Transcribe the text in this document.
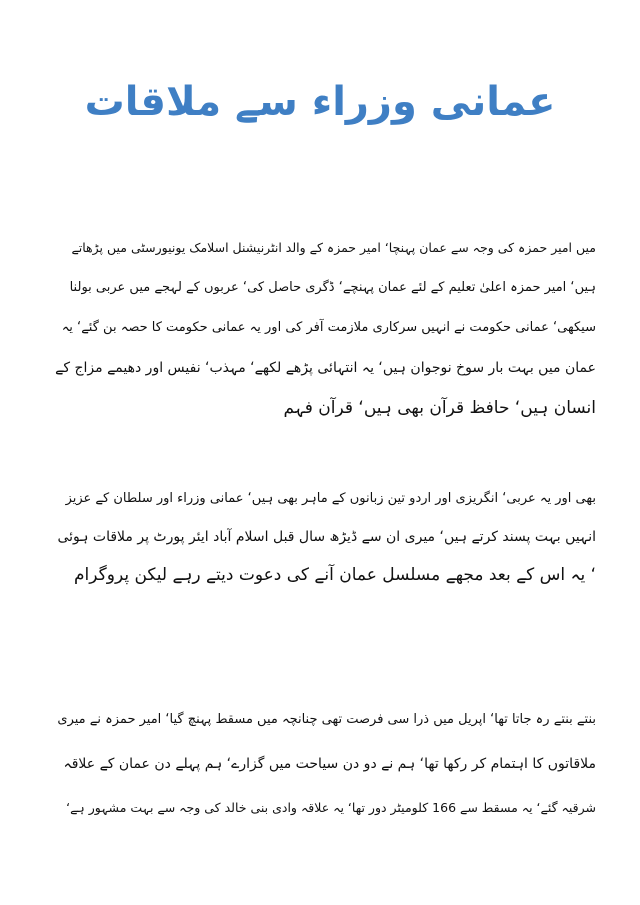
عمانی وزراء سے ملاقات
میں امیر حمزہ کی وجہ سے عمان پہنچا‘ امیر حمزہ کے والد انٹرنیشنل اسلامک یونیورسٹی میں پڑھاتے
ہیں‘ امیر حمزہ اعلیٰ تعلیم کے لئے عمان پہنچے‘ ڈگری حاصل کی‘ عربوں کے لہجے میں عربی بولنا
سیکھی‘ عمانی حکومت نے انہیں سرکاری ملازمت آفر کی اور یہ عمانی حکومت کا حصہ بن گئے‘ یہ
عمان میں بہت بار سوخ نوجوان ہیں‘ یہ انتہائی پڑھے لکھے‘ مہذب‘ نفیس اور دھیمے مزاج کے
انسان ہیں‘ حافظ قرآن بھی ہیں‘ قرآن فہم
بھی اور یہ عربی‘ انگریزی اور اردو تین زبانوں کے ماہر بھی ہیں‘ عمانی وزراء اور سلطان کے عزیز
انہیں بہت پسند کرتے ہیں‘ میری ان سے ڈیڑھ سال قبل اسلام آباد ایئر پورٹ پر ملاقات ہوئی
‘ یہ اس کے بعد مجھے مسلسل عمان آنے کی دعوت دیتے رہے لیکن پروگرام
بنتے بنتے رہ جاتا تھا‘ اپریل میں ذرا سی فرصت تھی چنانچہ میں مسقط پہنچ گیا‘ امیر حمزہ نے میری
ملاقاتوں کا اہتمام کر رکھا تھا‘ ہم نے دو دن سیاحت میں گزارے‘ ہم پہلے دن عمان کے علاقہ
شرقیہ گئے‘ یہ مسقط سے 166 کلومیٹر دور تھا‘ یہ علاقہ وادی بنی خالد کی وجہ سے بہت مشہور ہے‘
